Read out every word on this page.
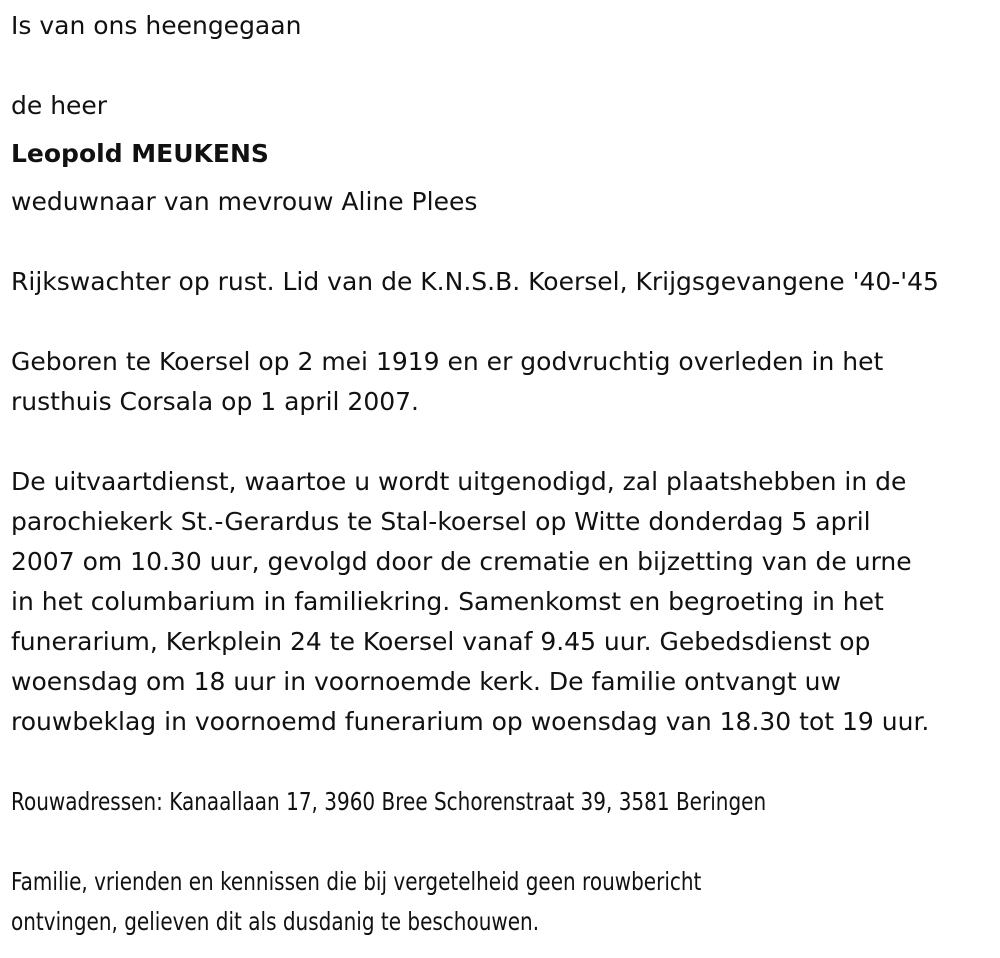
Is van ons heengegaan
de heer
Leopold MEUKENS
weduwnaar van mevrouw Aline Plees
Rijkswachter op rust. Lid van de K.N.S.B. Koersel, Krijgsgevangene '40-'45
Geboren te Koersel op 2 mei 1919 en er godvruchtig overleden in het
rusthuis Corsala op 1 april 2007.
De uitvaartdienst, waartoe u wordt uitgenodigd, zal plaatshebben in de
parochiekerk St.-Gerardus te Stal-koersel op Witte donderdag 5 april
2007 om 10.30 uur, gevolgd door de crematie en bijzetting van de urne
in het columbarium in familiekring. Samenkomst en begroeting in het
funerarium, Kerkplein 24 te Koersel vanaf 9.45 uur. Gebedsdienst op
woensdag om 18 uur in voornoemde kerk. De familie ontvangt uw
rouwbeklag in voornoemd funerarium op woensdag van 18.30 tot 19 uur.
Rouwadressen: Kanaallaan 17, 3960 Bree Schorenstraat 39, 3581 Beringen
Familie, vrienden en kennissen die bij vergetelheid geen rouwbericht
ontvingen, gelieven dit als dusdanig te beschouwen.
